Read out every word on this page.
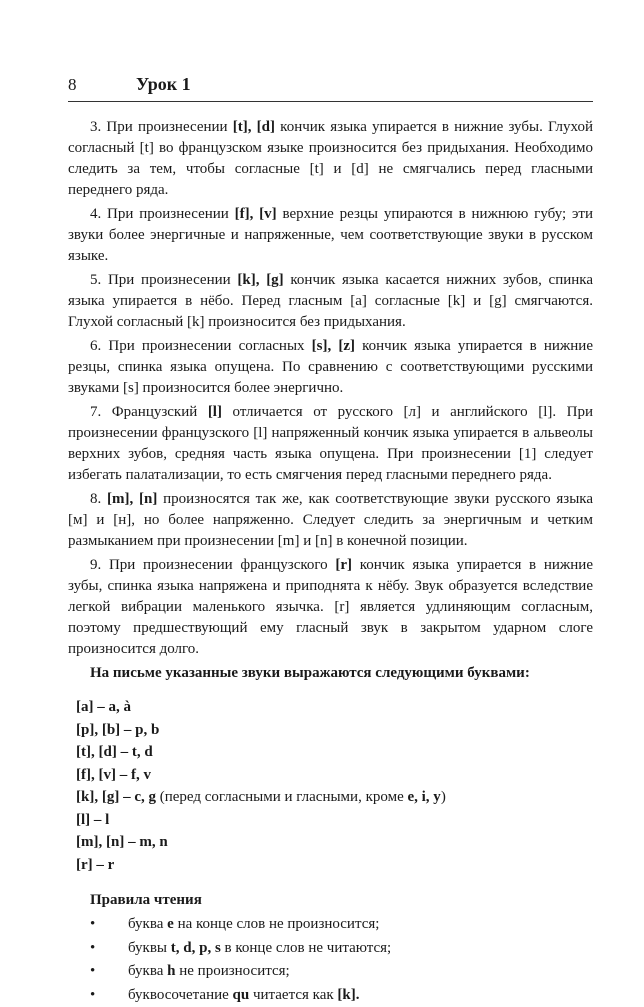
8	Урок 1

3. При произнесении [t], [d] кончик языка упирается в нижние зубы. Глухой согласный [t] во французском языке произносится без придыхания. Необходимо следить за тем, чтобы согласные [t] и [d] не смягчались перед гласными переднего ряда.

4. При произнесении [f], [v] верхние резцы упираются в нижнюю губу; эти звуки более энергичные и напряженные, чем соответствующие звуки в русском языке.

5. При произнесении [k], [g] кончик языка касается нижних зубов, спинка языка упирается в нёбо. Перед гласным [a] согласные [k] и [g] смягчаются. Глухой согласный [k] произносится без придыхания.

6. При произнесении согласных [s], [z] кончик языка упирается в нижние резцы, спинка языка опущена. По сравнению с соответствующими русскими звуками [s] произносится более энергично.

7. Французский [l] отличается от русского [л] и английского [l]. При произнесении французского [l] напряженный кончик языка упирается в альвеолы верхних зубов, средняя часть языка опущена. При произнесении [1] следует избегать палатализации, то есть смягчения перед гласными переднего ряда.

8. [m], [n] произносятся так же, как соответствующие звуки русского языка [м] и [н], но более напряженно. Следует следить за энергичным и четким размыканием при произнесении [m] и [n] в конечной позиции.

9. При произнесении французского [r] кончик языка упирается в нижние зубы, спинка языка напряжена и приподнята к нёбу. Звук образуется вследствие легкой вибрации маленького язычка. [r] является удлиняющим согласным, поэтому предшествующий ему гласный звук в закрытом ударном слоге произносится долго.

На письме указанные звуки выражаются следующими буквами:

[a] – a, à
[p], [b] – p, b
[t], [d] – t, d
[f], [v] – f, v
[k], [g] – c, g (перед согласными и гласными, кроме e, i, y)
[l] – l
[m], [n] – m, n
[r] – r
Правила чтения
• буква e на конце слов не произносится;
• буквы t, d, p, s в конце слов не читаются;
• буква h не произносится;
• буквосочетание qu читается как [k].
